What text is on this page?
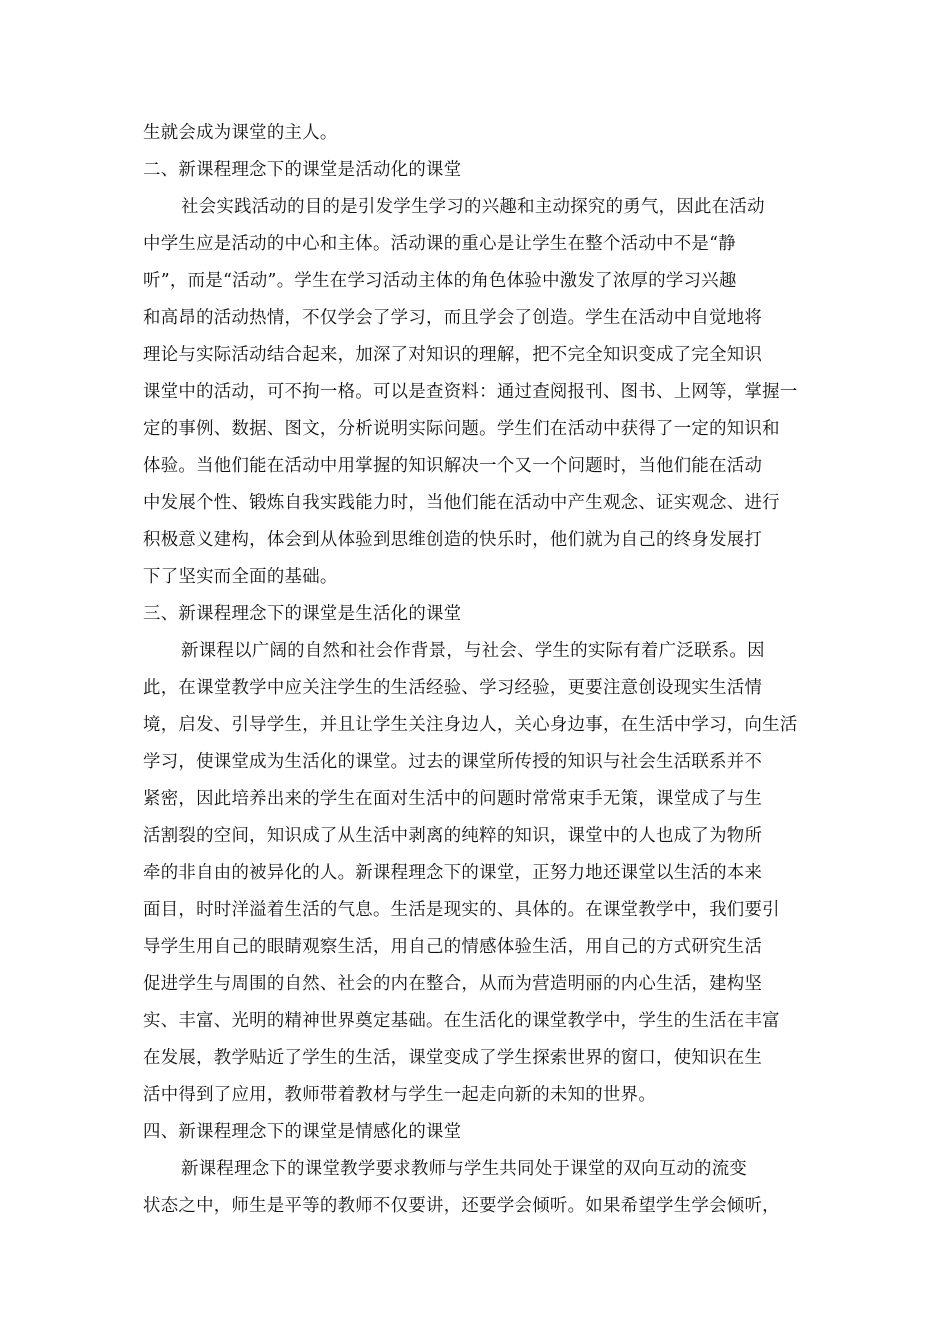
生就会成为课堂的主人。
二、新课程理念下的课堂是活动化的课堂
社会实践活动的目的是引发学生学习的兴趣和主动探究的勇气，因此在活动
中学生应是活动的中心和主体。活动课的重心是让学生在整个活动中不是“静
听”，而是“活动”。学生在学习活动主体的角色体验中激发了浓厚的学习兴趣
和高昂的活动热情，不仅学会了学习，而且学会了创造。学生在活动中自觉地将
理论与实际活动结合起来，加深了对知识的理解，把不完全知识变成了完全知识
课堂中的活动，可不拘一格。可以是查资料：通过查阅报刊、图书、上网等，掌握一
定的事例、数据、图文，分析说明实际问题。学生们在活动中获得了一定的知识和
体验。当他们能在活动中用掌握的知识解决一个又一个问题时，当他们能在活动
中发展个性、锻炼自我实践能力时，当他们能在活动中产生观念、证实观念、进行
积极意义建构，体会到从体验到思维创造的快乐时，他们就为自己的终身发展打
下了坚实而全面的基础。
三、新课程理念下的课堂是生活化的课堂
新课程以广阔的自然和社会作背景，与社会、学生的实际有着广泛联系。因
此，在课堂教学中应关注学生的生活经验、学习经验，更要注意创设现实生活情
境，启发、引导学生，并且让学生关注身边人，关心身边事，在生活中学习，向生活
学习，使课堂成为生活化的课堂。过去的课堂所传授的知识与社会生活联系并不
紧密，因此培养出来的学生在面对生活中的问题时常常束手无策，课堂成了与生
活割裂的空间，知识成了从生活中剥离的纯粹的知识，课堂中的人也成了为物所
牵的非自由的被异化的人。新课程理念下的课堂，正努力地还课堂以生活的本来
面目，时时洋溢着生活的气息。生活是现实的、具体的。在课堂教学中，我们要引
导学生用自己的眼睛观察生活，用自己的情感体验生活，用自己的方式研究生活
促进学生与周围的自然、社会的内在整合，从而为营造明丽的内心生活，建构坚
实、丰富、光明的精神世界奠定基础。在生活化的课堂教学中，学生的生活在丰富
在发展，教学贴近了学生的生活，课堂变成了学生探索世界的窗口，使知识在生
活中得到了应用，教师带着教材与学生一起走向新的未知的世界。
四、新课程理念下的课堂是情感化的课堂
新课程理念下的课堂教学要求教师与学生共同处于课堂的双向互动的流变
状态之中，师生是平等的教师不仅要讲，还要学会倾听。如果希望学生学会倾听，
